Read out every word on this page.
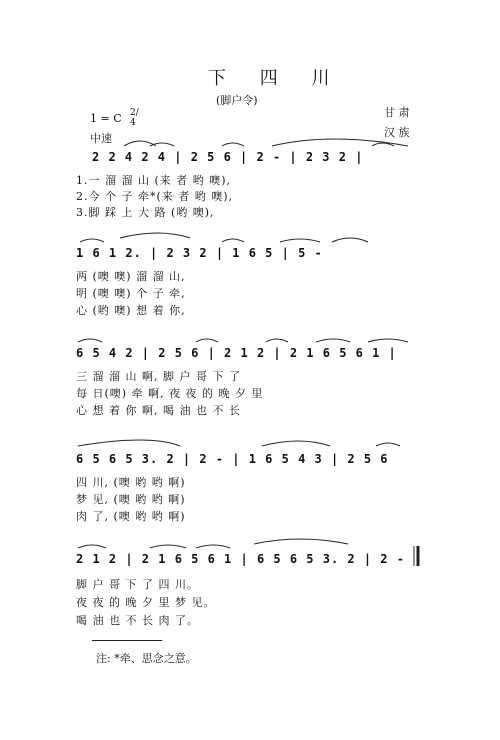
下 四 川
(脚户令)
1 = C 2/4
中速
甘 肃
汉 族
2 2 4 2 4 | 2 5 6 | 2 - | 2 3 2 |
1.一 溜 溜 山 (来 者 哟 噢),
2.今 个 子 牵*(来 者 哟 噢),
3.脚 踩 上 大 路 (哟 噢),
1 6 1 2. | 2 3 2 | 1 6 5 | 5 -
两 (噢 噢) 溜 溜 山,
明 (噢 噢) 个 子 牵,
心 (哟 噢) 想 着 你,
6 5 4 2 | 2 5 6 | 2 1 2 | 2 1 6 5 6 1 |
三 溜 溜 山 啊, 脚 户 哥 下 了
每 日(噢) 牵 啊, 夜 夜 的 晚 夕 里
心 想 着 你 啊, 喝 油 也 不 长
6 5 6 5 3. 2 | 2 - | 1 6 5 4 3 | 2 5 6
四 川, (噢 哟 哟 啊)
梦 见, (噢 哟 哟 啊)
肉 了, (噢 哟 哟 啊)
2 1 2 | 2 1 6 5 6 1 | 6 5 6 5 3. 2 | 2 -
脚 户 哥 下 了 四 川。
夜 夜 的 晚 夕 里 梦 见。
喝 油 也 不 长 肉 了。
注: *牵、思念之意。
